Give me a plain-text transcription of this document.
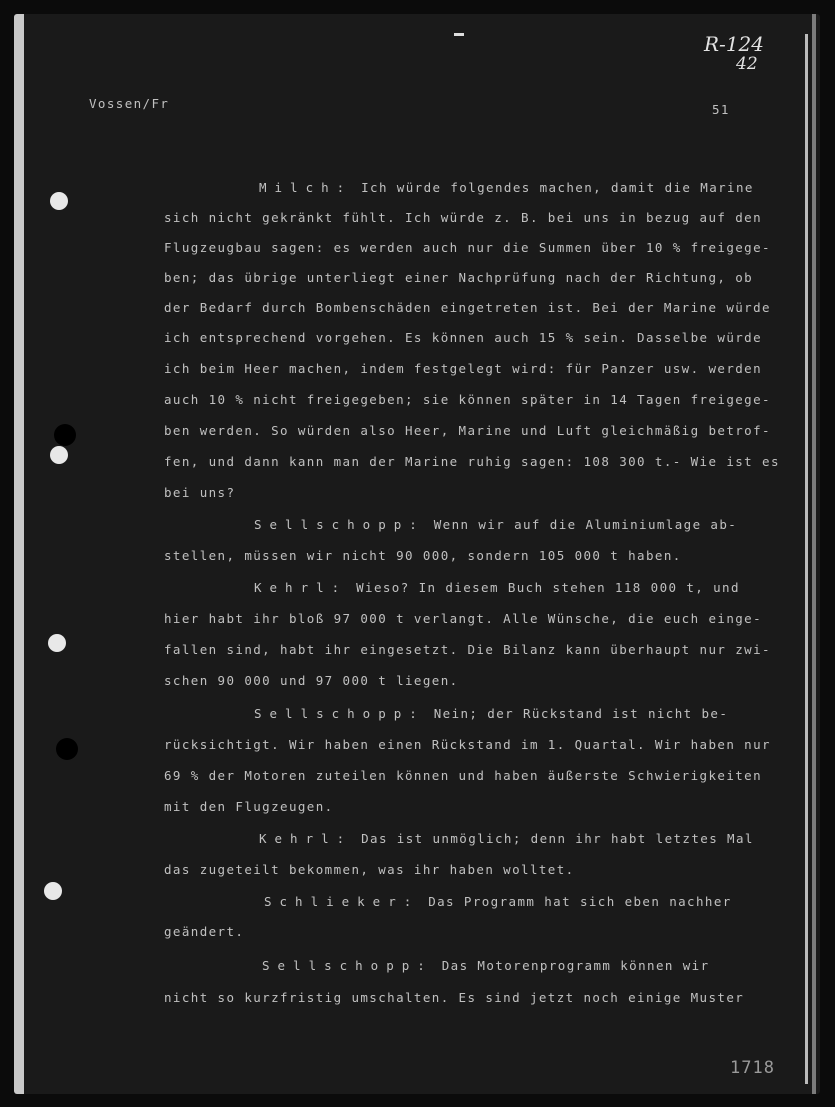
R-124
42
Vossen/Fr	51
Milch: Ich würde folgendes machen, damit die Marine
sich nicht gekränkt fühlt. Ich würde z. B. bei uns in bezug auf den
Flugzeugbau sagen: es werden auch nur die Summen über 10 % freigege-
ben; das übrige unterliegt einer Nachprüfung nach der Richtung, ob
der Bedarf durch Bombenschäden eingetreten ist. Bei der Marine würde
ich entsprechend vorgehen. Es können auch 15 % sein. Dasselbe würde
ich beim Heer machen, indem festgelegt wird: für Panzer usw. werden
auch 10 % nicht freigegeben; sie können später in 14 Tagen freigege-
ben werden. So würden also Heer, Marine und Luft gleichmäßig betrof-
fen, und dann kann man der Marine ruhig sagen: 108 300 t.- Wie ist es
bei uns?
Sellschopp: Wenn wir auf die Aluminiumlage ab-
stellen, müssen wir nicht 90 000, sondern 105 000 t haben.
Kehrl: Wieso? In diesem Buch stehen 118 000 t, und
hier habt ihr bloß 97 000 t verlangt. Alle Wünsche, die euch einge-
fallen sind, habt ihr eingesetzt. Die Bilanz kann überhaupt nur zwi-
schen 90 000 und 97 000 t liegen.
Sellschopp: Nein; der Rückstand ist nicht be-
rücksichtigt. Wir haben einen Rückstand im 1. Quartal. Wir haben nur
69 % der Motoren zuteilen können und haben äußerste Schwierigkeiten
mit den Flugzeugen.
Kehrl: Das ist unmöglich; denn ihr habt letztes Mal
das zugeteilt bekommen, was ihr haben wolltet.
Schlieker: Das Programm hat sich eben nachher
geändert.
Sellschopp: Das Motorenprogramm können wir
nicht so kurzfristig umschalten. Es sind jetzt noch einige Muster
1718
